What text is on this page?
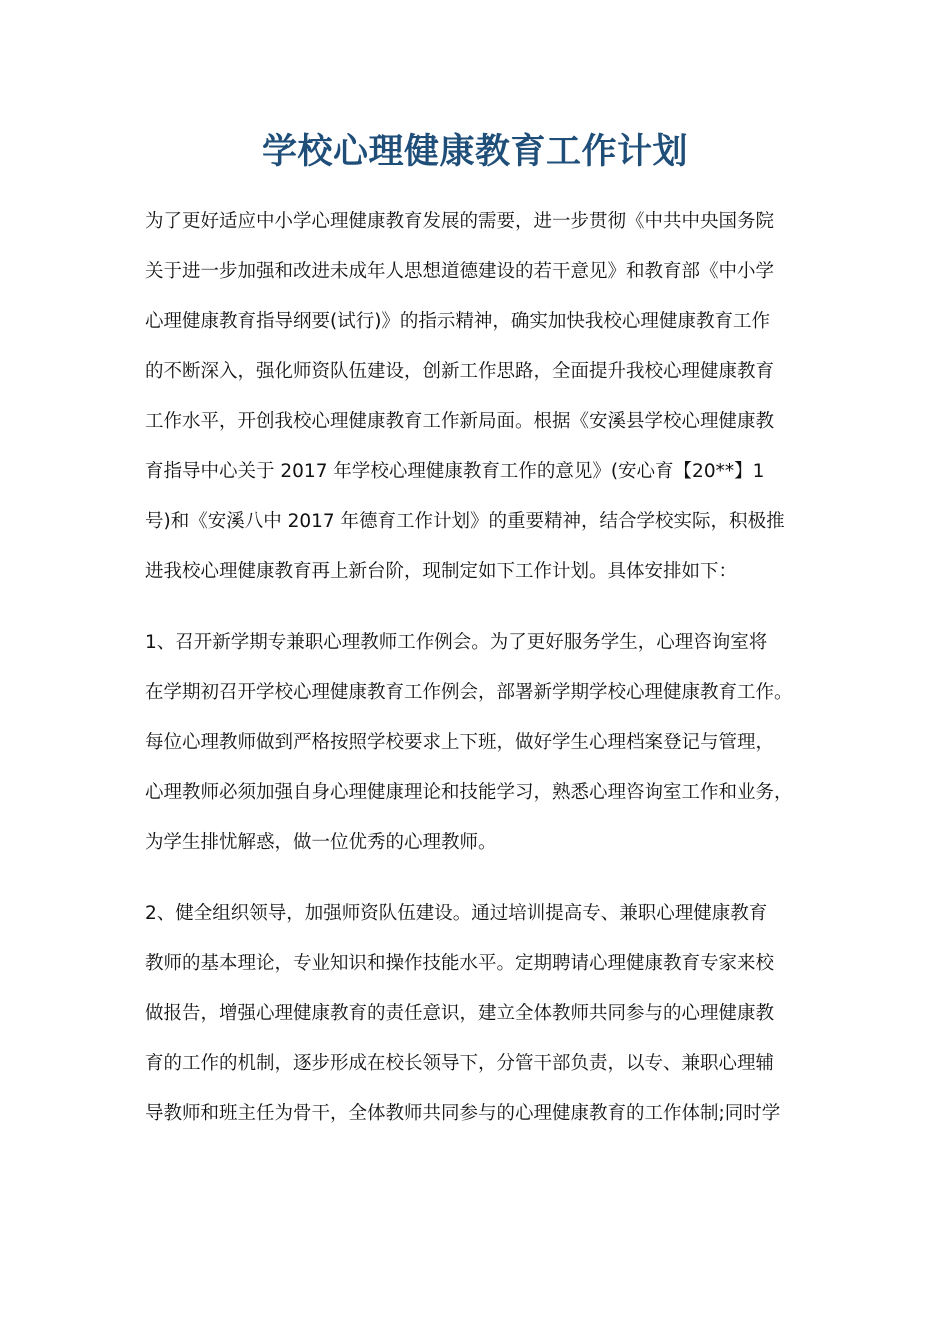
学校心理健康教育工作计划
为了更好适应中小学心理健康教育发展的需要，进一步贯彻《中共中央国务院
关于进一步加强和改进未成年人思想道德建设的若干意见》和教育部《中小学
心理健康教育指导纲要(试行)》的指示精神，确实加快我校心理健康教育工作
的不断深入，强化师资队伍建设，创新工作思路，全面提升我校心理健康教育
工作水平，开创我校心理健康教育工作新局面。根据《安溪县学校心理健康教
育指导中心关于 2017 年学校心理健康教育工作的意见》(安心育【20**】1
号)和《安溪八中 2017 年德育工作计划》的重要精神，结合学校实际，积极推
进我校心理健康教育再上新台阶，现制定如下工作计划。具体安排如下：
1、召开新学期专兼职心理教师工作例会。为了更好服务学生，心理咨询室将
在学期初召开学校心理健康教育工作例会，部署新学期学校心理健康教育工作。
每位心理教师做到严格按照学校要求上下班，做好学生心理档案登记与管理，
心理教师必须加强自身心理健康理论和技能学习，熟悉心理咨询室工作和业务，
为学生排忧解惑，做一位优秀的心理教师。
2、健全组织领导，加强师资队伍建设。通过培训提高专、兼职心理健康教育
教师的基本理论，专业知识和操作技能水平。定期聘请心理健康教育专家来校
做报告，增强心理健康教育的责任意识，建立全体教师共同参与的心理健康教
育的工作的机制，逐步形成在校长领导下，分管干部负责，以专、兼职心理辅
导教师和班主任为骨干，全体教师共同参与的心理健康教育的工作体制;同时学
